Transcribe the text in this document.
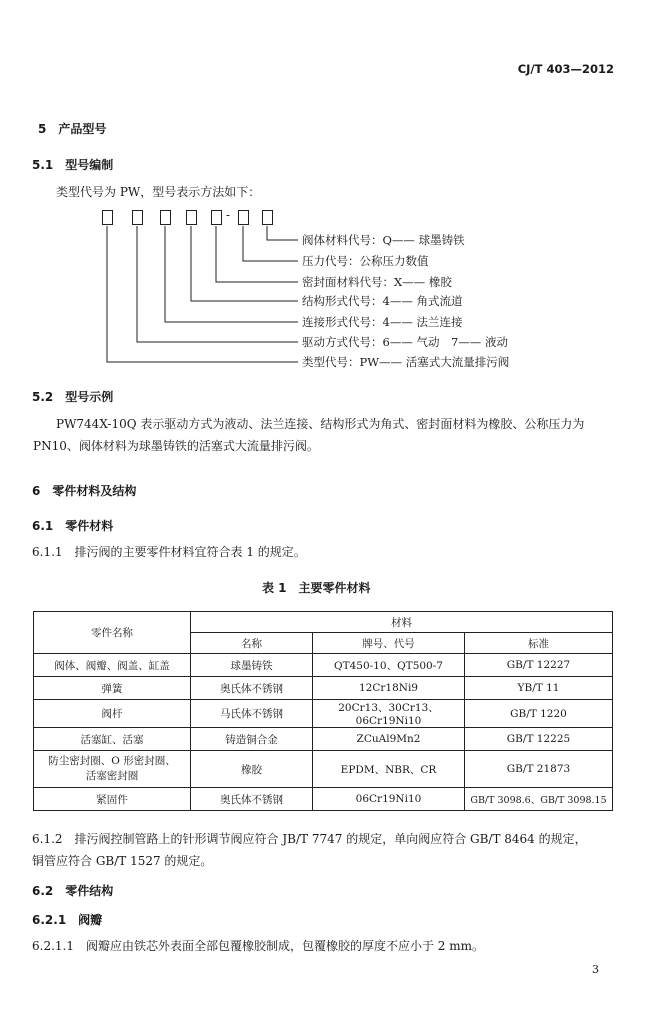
CJ/T 403—2012
5　产品型号
5.1　型号编制
类型代号为 PW，型号表示方法如下：
-
阀体材料代号：Q—— 球墨铸铁
压力代号：公称压力数值
密封面材料代号：X—— 橡胶
结构形式代号：4—— 角式流道
连接形式代号：4—— 法兰连接
驱动方式代号：6—— 气动　7—— 液动
类型代号：PW—— 活塞式大流量排污阀
5.2　型号示例
PW744X-10Q 表示驱动方式为液动、法兰连接、结构形式为角式、密封面材料为橡胶、公称压力为
PN10、阀体材料为球墨铸铁的活塞式大流量排污阀。
6　零件材料及结构
6.1　零件材料
6.1.1　排污阀的主要零件材料宜符合表 1 的规定。
表 1　主要零件材料
零件名称	材料		
	名称	牌号、代号	标准
阀体、阀瓣、阀盖、缸盖	球墨铸铁	QT450-10、QT500-7	GB/T 12227
弹簧	奥氏体不锈钢	12Cr18Ni9	YB/T 11
阀杆	马氏体不锈钢	20Cr13、30Cr13、06Cr19Ni10	GB/T 1220
活塞缸、活塞	铸造铜合金	ZCuAl9Mn2	GB/T 12225
防尘密封圈、O 形密封圈、
活塞密封圈	橡胶	EPDM、NBR、CR	GB/T 21873
紧固件	奥氏体不锈钢	06Cr19Ni10	GB/T 3098.6、GB/T 3098.15
6.1.2　排污阀控制管路上的针形调节阀应符合 JB/T 7747 的规定，单向阀应符合 GB/T 8464 的规定，
铜管应符合 GB/T 1527 的规定。
6.2　零件结构
6.2.1　阀瓣
6.2.1.1　阀瓣应由铁芯外表面全部包覆橡胶制成，包覆橡胶的厚度不应小于 2 mm。
3
